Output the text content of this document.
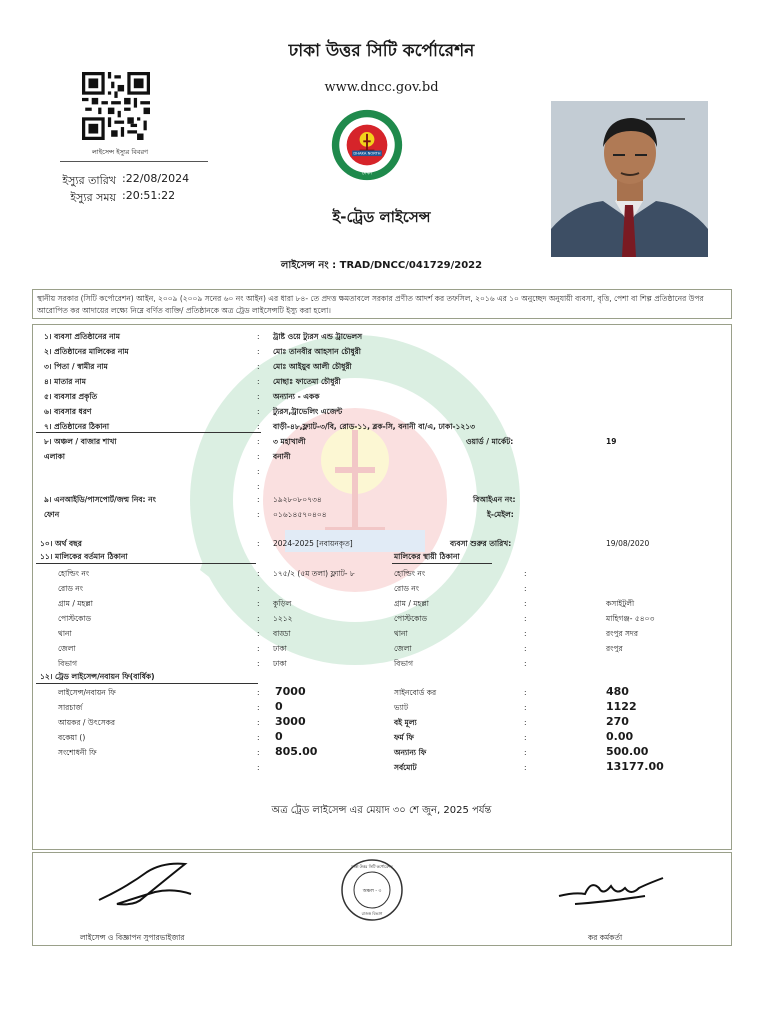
ঢাকা উত্তর সিটি কর্পোরেশন
www.dncc.gov.bd
লাইসেন্স ইস্যুর বিবরণ
ইস্যুর তারিখ :22/08/2024
ইস্যুর সময় :20:51:22
DHAKA NORTH
ঢাকা
ই-ট্রেড লাইসেন্স
লাইসেন্স নং : TRAD/DNCC/041729/2022
স্থানীয় সরকার (সিটি কর্পোরেশন) আইন, ২০০৯ (২০০৯ সনের ৬০ নং আইন) এর ধারা ৮৪- তে প্রদত্ত ক্ষমতাবলে সরকার প্রণীত আদর্শ কর তফসিল, ২০১৬ এর ১০ অনুচ্ছেদ অনুযায়ী ব্যবসা, বৃত্তি, পেশা বা শিল্প প্রতিষ্ঠানের উপর আরোপিত কর আদায়ের লক্ষ্যে নিম্নে বর্ণিত ব্যক্তি/ প্রতিষ্ঠানকে অত্র ট্রেড লাইসেন্সটি ইস্যু করা হলো।
১। ব্যবসা প্রতিষ্ঠানের নাম	: ট্রাষ্ট ওয়ে ট্যুরস এন্ড ট্রাভেলস
২। প্রতিষ্ঠানের মালিকের নাম	: মোঃ তানবীর আহসান চৌধুরী
৩। পিতা / স্বামীর নাম	: মোঃ আইয়ুব আলী চৌধুরী
৪। মাতার নাম	: মোছাঃ ফাতেমা চৌধুরী
৫। ব্যবসার প্রকৃতি	: অন্যান্য - একক
৬। ব্যবসার ধরণ	: ট্যুরস,ট্রাভেলিং এজেন্ট
৭। প্রতিষ্ঠানের ঠিকানা	: বাড়ী-৪৮,ফ্ল্যাট-৩/বি, রোড-১১, ব্লক-সি, বনানী বা/এ, ঢাকা-১২১৩
৮। অঞ্চল / বাজার শাখা	: ৩ মহাখালী	ওয়ার্ড / মার্কেট:	19
এলাকা	: বনানী
:
:
৯। এনআইডি/পাসপোর্ট/জন্ম নিব: নং	: ১৯২৮০৮০৭৩৪	বিআইএন নং:
ফোন	: ০১৬১৪৫৭০৪০৪	ই-মেইল:
১০। অর্থ বছর	: 2024-2025 [নবায়নকৃত]	ব্যবসা শুরুর তারিখ:	19/08/2020
১১। মালিকের বর্তমান ঠিকানা	মালিকের স্থায়ী ঠিকানা
হোল্ডিং নং	: ১৭৫/২ (৫ম তলা) ফ্ল্যাট- ৮	হোল্ডিং নং	:
রোড নং	:	রোড নং	:
গ্রাম / মহল্লা	: কুড়িল	গ্রাম / মহল্লা	:	কসাইটুলী
পোস্টকোড	: ১২১২	পোস্টকোড	:	মাহিগঞ্জ- ৫৪০৩
থানা	: বাড্ডা	থানা	:	রংপুর সদর
জেলা	: ঢাকা	জেলা	:	রংপুর
বিভাগ	: ঢাকা	বিভাগ	:
১২। ট্রেড লাইসেন্স/নবায়ন ফি(বার্ষিক)
লাইসেন্স/নবায়ন ফি	: 7000	সাইনবোর্ড কর	:	480
সারচার্জ	: 0	ভ্যাট	:	1122
আয়কর / উৎসেকর	: 3000	বই মূল্য	:	270
বকেয়া ()	: 0	ফর্ম ফি	:	0.00
সংশোধনী ফি	: 805.00	অন্যান্য ফি	:	500.00
:	সর্বমোট	:	13177.00
অত্র ট্রেড লাইসেন্স এর মেয়াদ ৩০ শে জুন, 2025 পর্যন্ত
অঞ্চল - ৩
রাজস্ব বিভাগ
ঢাকা উত্তর সিটি কর্পোরেশন
লাইসেন্স ও বিজ্ঞাপন সুপারভাইজার	কর কর্মকর্তা
